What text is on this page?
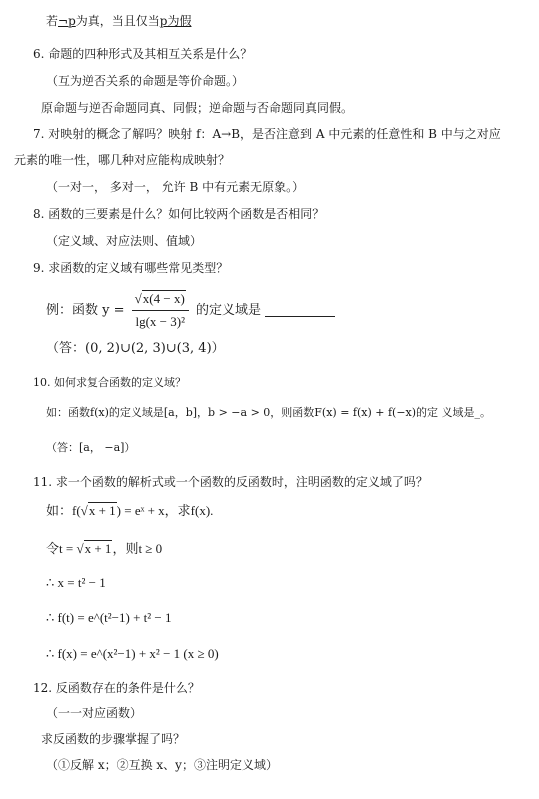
若¬p为真，当且仅当p为假
6. 命题的四种形式及其相互关系是什么？
（互为逆否关系的命题是等价命题。）
原命题与逆否命题同真、同假；逆命题与否命题同真同假。
7. 对映射的概念了解吗？映射 f：A→B，是否注意到 A 中元素的任意性和 B 中与之对应
元素的唯一性，哪几种对应能构成映射？
（一对一， 多对一， 允许 B 中有元素无原象。）
8. 函数的三要素是什么？如何比较两个函数是否相同？
（定义域、对应法则、值域）
9. 求函数的定义域有哪些常见类型？
例：函数 $y = \frac{√x(4 - x)}{\text{lg(x − 3)²}}$ 的定义域是
（答：(0, 2)∪(2, 3)∪(3, 4)）
10. 如何求复合函数的定义域？
如：函数f(x)的定义域是[a，b]，b > −a > 0，则函数F(x) = f(x) + f(−x)的定 义域是_。
（答：[a， −a]）
11. 求一个函数的解析式或一个函数的反函数时，注明函数的定义域了吗？
如：f(√x + 1) = eˣ + x，求f(x).
令t = √x + 1，则t ≥ 0
∴ x = t² − 1
∴ f(t) = e^(t²−1) + t² − 1
∴ f(x) = e^(x²−1) + x² − 1 (x ≥ 0)
12. 反函数存在的条件是什么？
（一一对应函数）
求反函数的步骤掌握了吗？
（①反解 x；②互换 x、y；③注明定义域）
